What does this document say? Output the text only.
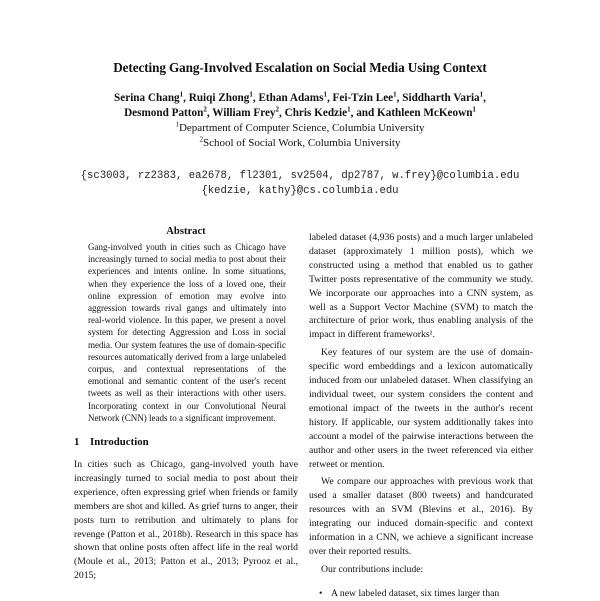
Detecting Gang-Involved Escalation on Social Media Using Context
Serina Chang$^1$, Ruiqi Zhong$^1$, Ethan Adams$^1$, Fei-Tzin Lee$^1$, Siddharth Varia$^1$,
Desmond Patton$^2$, William Frey$^2$, Chris Kedzie$^1$, and Kathleen McKeown$^1$
$^1$Department of Computer Science, Columbia University
$^2$School of Social Work, Columbia University
{sc3003, rz2383, ea2678, fl2301, sv2504, dp2787, w.frey}@columbia.edu
{kedzie, kathy}@cs.columbia.edu
Abstract

Gang-involved youth in cities such as Chicago have increasingly turned to social media to post about their experiences and intents online. In some situations, when they experience the loss of a loved one, their online expression of emotion may evolve into aggression towards rival gangs and ultimately into real-world violence. In this paper, we present a novel system for detecting Aggression and Loss in social media. Our system features the use of domain-specific resources automatically derived from a large unlabeled corpus, and contextual representations of the emotional and semantic content of the user's recent tweets as well as their interactions with other users. Incorporating context in our Convolutional Neural Network (CNN) leads to a significant improvement.

1 Introduction

In cities such as Chicago, gang-involved youth have increasingly turned to social media to post about their experience, often expressing grief when friends or family members are shot and killed. As grief turns to anger, their posts turn to retribution and ultimately to plans for revenge (Patton et al., 2018b). Research in this space has shown that online posts often affect life in the real world (Moule et al., 2013; Patton et al., 2013; Pyrooz et al., 2015;

labeled dataset (4,936 posts) and a much larger unlabeled dataset (approximately 1 million posts), which we constructed using a method that enabled us to gather Twitter posts representative of the community we study. We incorporate our approaches into a CNN system, as well as a Support Vector Machine (SVM) to match the architecture of prior work, thus enabling analysis of the impact in different frameworks¹.

Key features of our system are the use of domain-specific word embeddings and a lexicon automatically induced from our unlabeled dataset. When classifying an individual tweet, our system considers the content and emotional impact of the tweets in the author's recent history. If applicable, our system additionally takes into account a model of the pairwise interactions between the author and other users in the tweet referenced via either retweet or mention.

We compare our approaches with previous work that used a smaller dataset (800 tweets) and handcurated resources with an SVM (Blevins et al., 2016). By integrating our induced domain-specific and context information in a CNN, we achieve a significant increase over their reported results.

Our contributions include:

• A new labeled dataset, six times larger than
